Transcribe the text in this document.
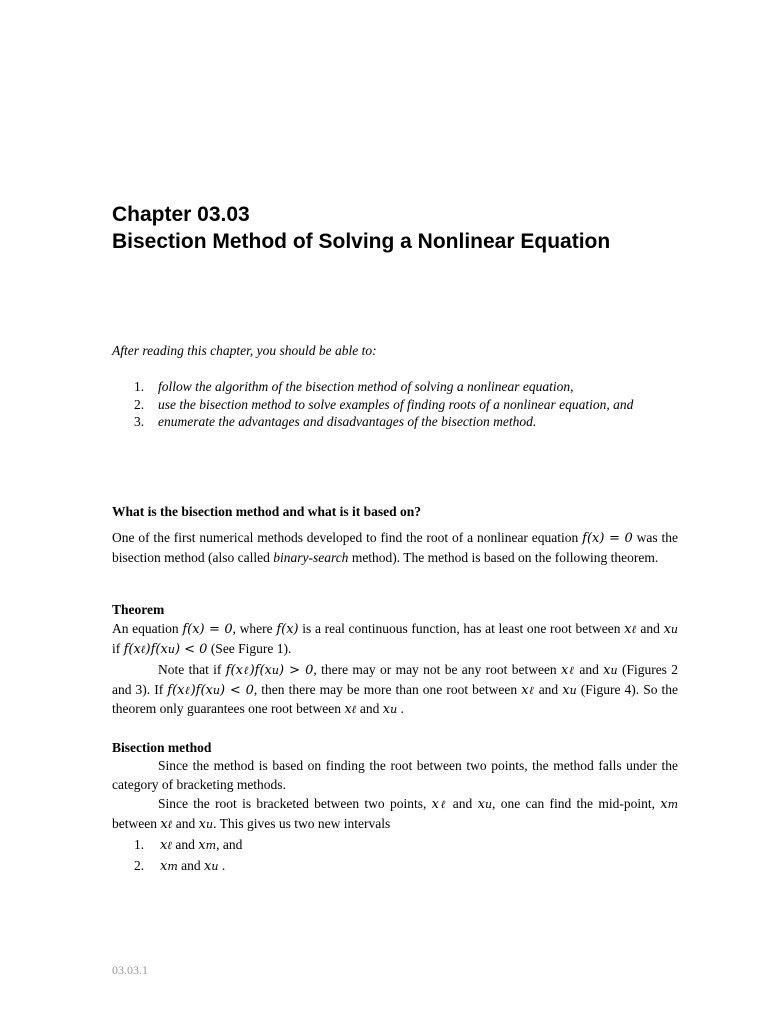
Chapter 03.03
Bisection Method of Solving a Nonlinear Equation
After reading this chapter, you should be able to:
1. follow the algorithm of the bisection method of solving a nonlinear equation,
2. use the bisection method to solve examples of finding roots of a nonlinear equation, and
3. enumerate the advantages and disadvantages of the bisection method.
What is the bisection method and what is it based on?
One of the first numerical methods developed to find the root of a nonlinear equation f(x) = 0 was the bisection method (also called binary-search method). The method is based on the following theorem.
Theorem
An equation f(x) = 0, where f(x) is a real continuous function, has at least one root between xℓ and xu if f(xℓ)f(xu) < 0 (See Figure 1).
Note that if f(xℓ)f(xu) > 0, there may or may not be any root between xℓ and xu (Figures 2 and 3). If f(xℓ)f(xu) < 0, then there may be more than one root between xℓ and xu (Figure 4). So the theorem only guarantees one root between xℓ and xu .
Bisection method
Since the method is based on finding the root between two points, the method falls under the category of bracketing methods.
Since the root is bracketed between two points, xℓ and xu, one can find the mid-point, xm between xℓ and xu. This gives us two new intervals
1. xℓ and xm, and
2. xm and xu .
03.03.1
